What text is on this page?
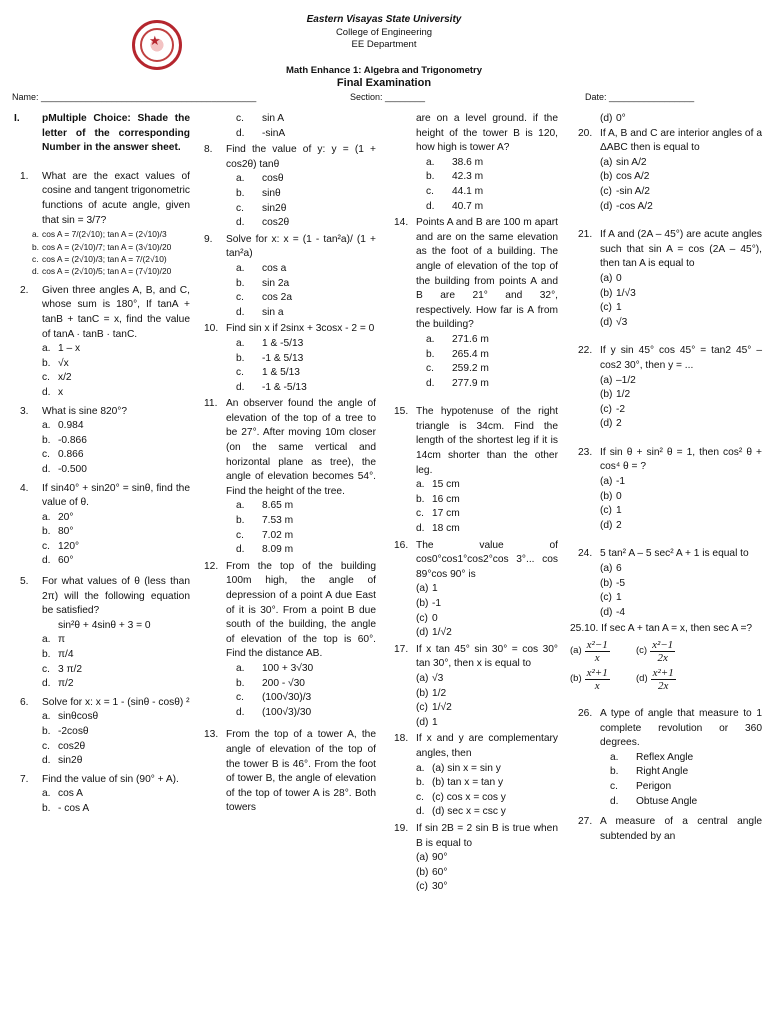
★
Eastern Visayas State University
College of Engineering
EE Department
Math Enhance 1: Algebra and Trigonometry
Final Examination
Name: ___________________________________________	Section: ________	Date: _________________
I. pMultiple Choice: Shade the letter of the corresponding Number in the answer sheet.
1. What are the exact values of cosine and tangent trigonometric functions of acute angle, given that sin = 3/7?
a. cos A = 7/(2√10); tan A = (2√10)/3
b. cos A = (2√10)/7; tan A = (3√10)/20
c. cos A = (2√10)/3; tan A = 7/(2√10)
d. cos A = (2√10)/5; tan A = (7√10)/20
2. Given three angles A, B, and C, whose sum is 180°, If tanA + tanB + tanC = x, find the value of tanA · tanB · tanC.
a. 1 – x
b. √x
c. x/2
d. x
3. What is sine 820°?
a. 0.984
b. -0.866
c. 0.866
d. -0.500
4. If sin40° + sin20° = sinθ, find the value of θ.
a. 20°
b. 80°
c. 120°
d. 60°
5. For what values of θ (less than 2π) will the following equation be satisfied?
sin²θ + 4sinθ + 3 = 0
a. π
b. π/4
c. 3 π/2
d. π/2
6. Solve for x: x = 1 - (sinθ - cosθ) ²
a. sinθcosθ
b. -2cosθ
c. cos2θ
d. sin2θ
7. Find the value of sin (90° + A).
a. cos A
b. - cos A
c. sin A
d. -sinA
8. Find the value of y: y = (1 + cos2θ) tanθ
a. cosθ
b. sinθ
c. sin2θ
d. cos2θ
9. Solve for x: x = (1 - tan²a)/ (1 + tan²a)
a. cos a
b. sin 2a
c. cos 2a
d. sin a
10. Find sin x if 2sinx + 3cosx - 2 = 0
a. 1 & -5/13
b. -1 & 5/13
c. 1 & 5/13
d. -1 & -5/13
11. An observer found the angle of elevation of the top of a tree to be 27°. After moving 10m closer (on the same vertical and horizontal plane as tree), the angle of elevation becomes 54°. Find the height of the tree.
a. 8.65 m
b. 7.53 m
c. 7.02 m
d. 8.09 m
12. From the top of the building 100m high, the angle of depression of a point A due East of it is 30°. From a point B due south of the building, the angle of elevation of the top is 60°. Find the distance AB.
a. 100 + 3√30
b. 200 - √30
c. (100√30)/3
d. (100√3)/30
13. From the top of a tower A, the angle of elevation of the top of the tower B is 46°. From the foot of tower B, the angle of elevation of the top of tower A is 28°. Both towers
are on a level ground. if the height of the tower B is 120, how high is tower A?
a. 38.6 m
b. 42.3 m
c. 44.1 m
d. 40.7 m
14. Points A and B are 100 m apart and are on the same elevation as the foot of a building. The angle of elevation of the top of the building from points A and B are 21° and 32°, respectively. How far is A from the building?
a. 271.6 m
b. 265.4 m
c. 259.2 m
d. 277.9 m
15. The hypotenuse of the right triangle is 34cm. Find the length of the shortest leg if it is 14cm shorter than the other leg.
a. 15 cm
b. 16 cm
c. 17 cm
d. 18 cm
16. The value of cos0°cos1°cos2°cos 3°... cos 89°cos 90° is
(a) 1
(b) -1
(c) 0
(d) 1/√2
17. If x tan 45° sin 30° = cos 30° tan 30°, then x is equal to
(a) √3
(b) 1/2
(c) 1/√2
(d) 1
18. If x and y are complementary angles, then
a. (a) sin x = sin y
b. (b) tan x = tan y
c. (c) cos x = cos y
d. (d) sec x = csc y
19. If sin 2B = 2 sin B is true when B is equal to
(a) 90°
(b) 60°
(c) 30°
(d) 0°
20. If A, B and C are interior angles of a ΔABC then is equal to
(a) sin A/2
(b) cos A/2
(c) -sin A/2
(d) -cos A/2
21. If A and (2A – 45°) are acute angles such that sin A = cos (2A – 45°), then tan A is equal to
(a) 0
(b) 1/√3
(c) 1
(d) √3
22. If y sin 45° cos 45° = tan2 45° – cos2 30°, then y = ...
(a) –1/2
(b) 1/2
(c) -2
(d) 2
23. If sin θ + sin² θ = 1, then cos² θ + cos⁴ θ = ?
(a) -1
(b) 0
(c) 1
(d) 2
24. 5 tan² A – 5 sec² A + 1 is equal to
(a) 6
(b) -5
(c) 1
(d) -4
25.10. If sec A + tan A = x, then sec A =?
$(a) \frac{\text{x²−1}}{x}$	$(c) \frac{\text{x²−1}}{2x}$
$(b) \frac{\text{x²+1}}{x}$	$(d) \frac{\text{x²+1}}{2x}$
26. A type of angle that measure to 1 complete revolution or 360 degrees.
a. Reflex Angle
b. Right Angle
c. Perigon
d. Obtuse Angle
27. A measure of a central angle subtended by an
